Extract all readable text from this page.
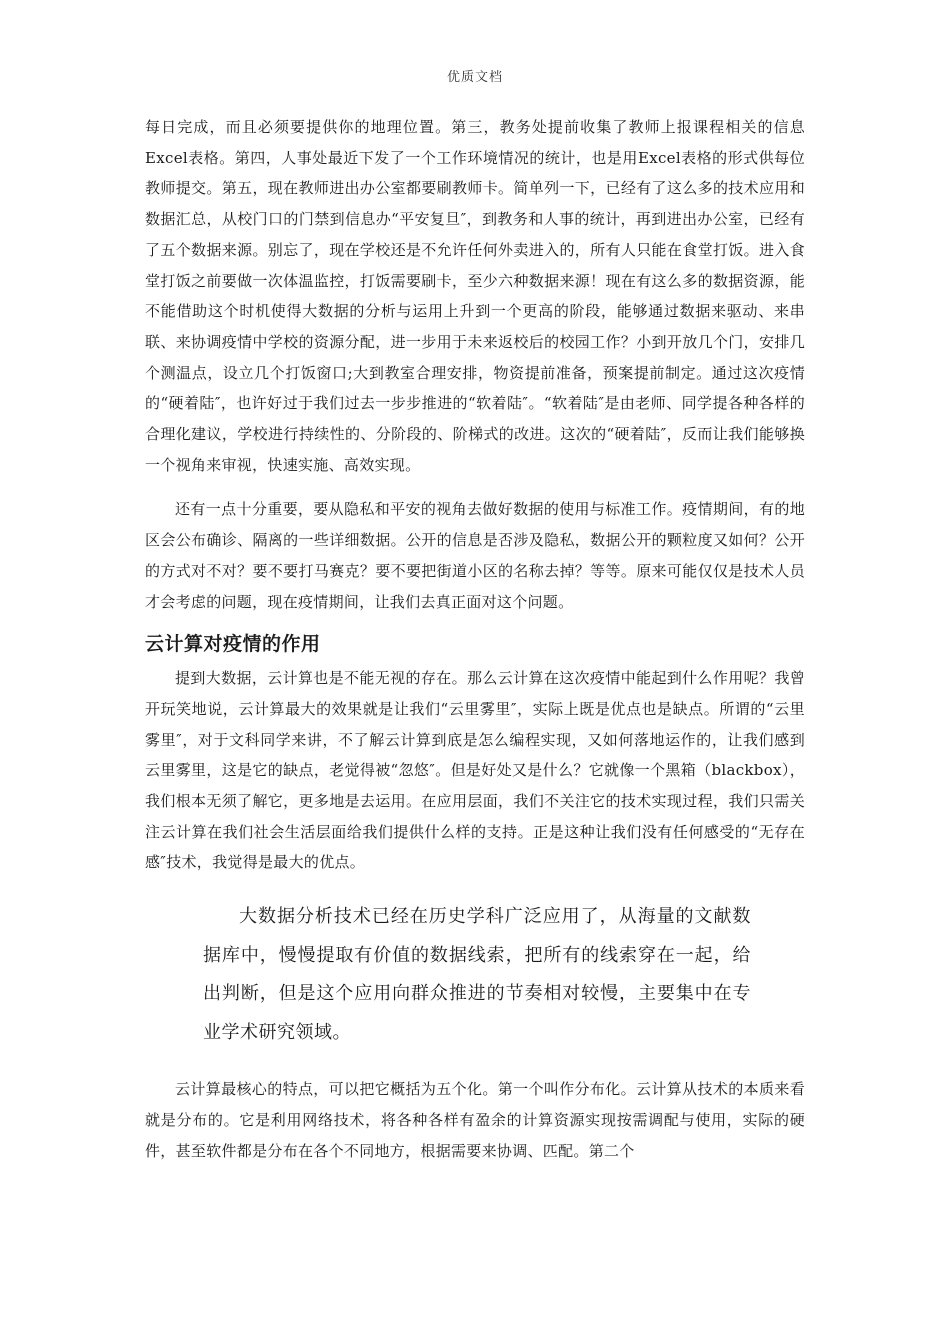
优质文档

每日完成，而且必须要提供你的地理位置。第三，教务处提前收集了教师上报课程相关的信息Excel表格。第四，人事处最近下发了一个工作环境情况的统计，也是用Excel表格的形式供每位教师提交。第五，现在教师进出办公室都要刷教师卡。简单列一下，已经有了这么多的技术应用和数据汇总，从校门口的门禁到信息办“平安复旦″，到教务和人事的统计，再到进出办公室，已经有了五个数据来源。别忘了，现在学校还是不允许任何外卖进入的，所有人只能在食堂打饭。进入食堂打饭之前要做一次体温监控，打饭需要刷卡，至少六种数据来源！现在有这么多的数据资源，能不能借助这个时机使得大数据的分析与运用上升到一个更高的阶段，能够通过数据来驱动、来串联、来协调疫情中学校的资源分配，进一步用于未来返校后的校园工作？小到开放几个门，安排几个测温点，设立几个打饭窗口;大到教室合理安排，物资提前准备，预案提前制定。通过这次疫情的“硬着陆″，也许好过于我们过去一步步推进的“软着陆″。“软着陆″是由老师、同学提各种各样的合理化建议，学校进行持续性的、分阶段的、阶梯式的改进。这次的“硬着陆″，反而让我们能够换一个视角来审视，快速实施、高效实现。

还有一点十分重要，要从隐私和平安的视角去做好数据的使用与标准工作。疫情期间，有的地区会公布确诊、隔离的一些详细数据。公开的信息是否涉及隐私，数据公开的颗粒度又如何？公开的方式对不对？要不要打马赛克？要不要把街道小区的名称去掉？等等。原来可能仅仅是技术人员才会考虑的问题，现在疫情期间，让我们去真正面对这个问题。

云计算对疫情的作用

提到大数据，云计算也是不能无视的存在。那么云计算在这次疫情中能起到什么作用呢？我曾开玩笑地说，云计算最大的效果就是让我们“云里雾里″，实际上既是优点也是缺点。所谓的“云里雾里″，对于文科同学来讲，不了解云计算到底是怎么编程实现，又如何落地运作的，让我们感到云里雾里，这是它的缺点，老觉得被“忽悠″。但是好处又是什么？它就像一个黑箱（blackbox），我们根本无须了解它，更多地是去运用。在应用层面，我们不关注它的技术实现过程，我们只需关注云计算在我们社会生活层面给我们提供什么样的支持。正是这种让我们没有任何感受的“无存在感″技术，我觉得是最大的优点。

大数据分析技术已经在历史学科广泛应用了，从海量的文献数据库中，慢慢提取有价值的数据线索，把所有的线索穿在一起，给出判断，但是这个应用向群众推进的节奏相对较慢，主要集中在专业学术研究领域。

云计算最核心的特点，可以把它概括为五个化。第一个叫作分布化。云计算从技术的本质来看就是分布的。它是利用网络技术，将各种各样有盈余的计算资源实现按需调配与使用，实际的硬件，甚至软件都是分布在各个不同地方，根据需要来协调、匹配。第二个
